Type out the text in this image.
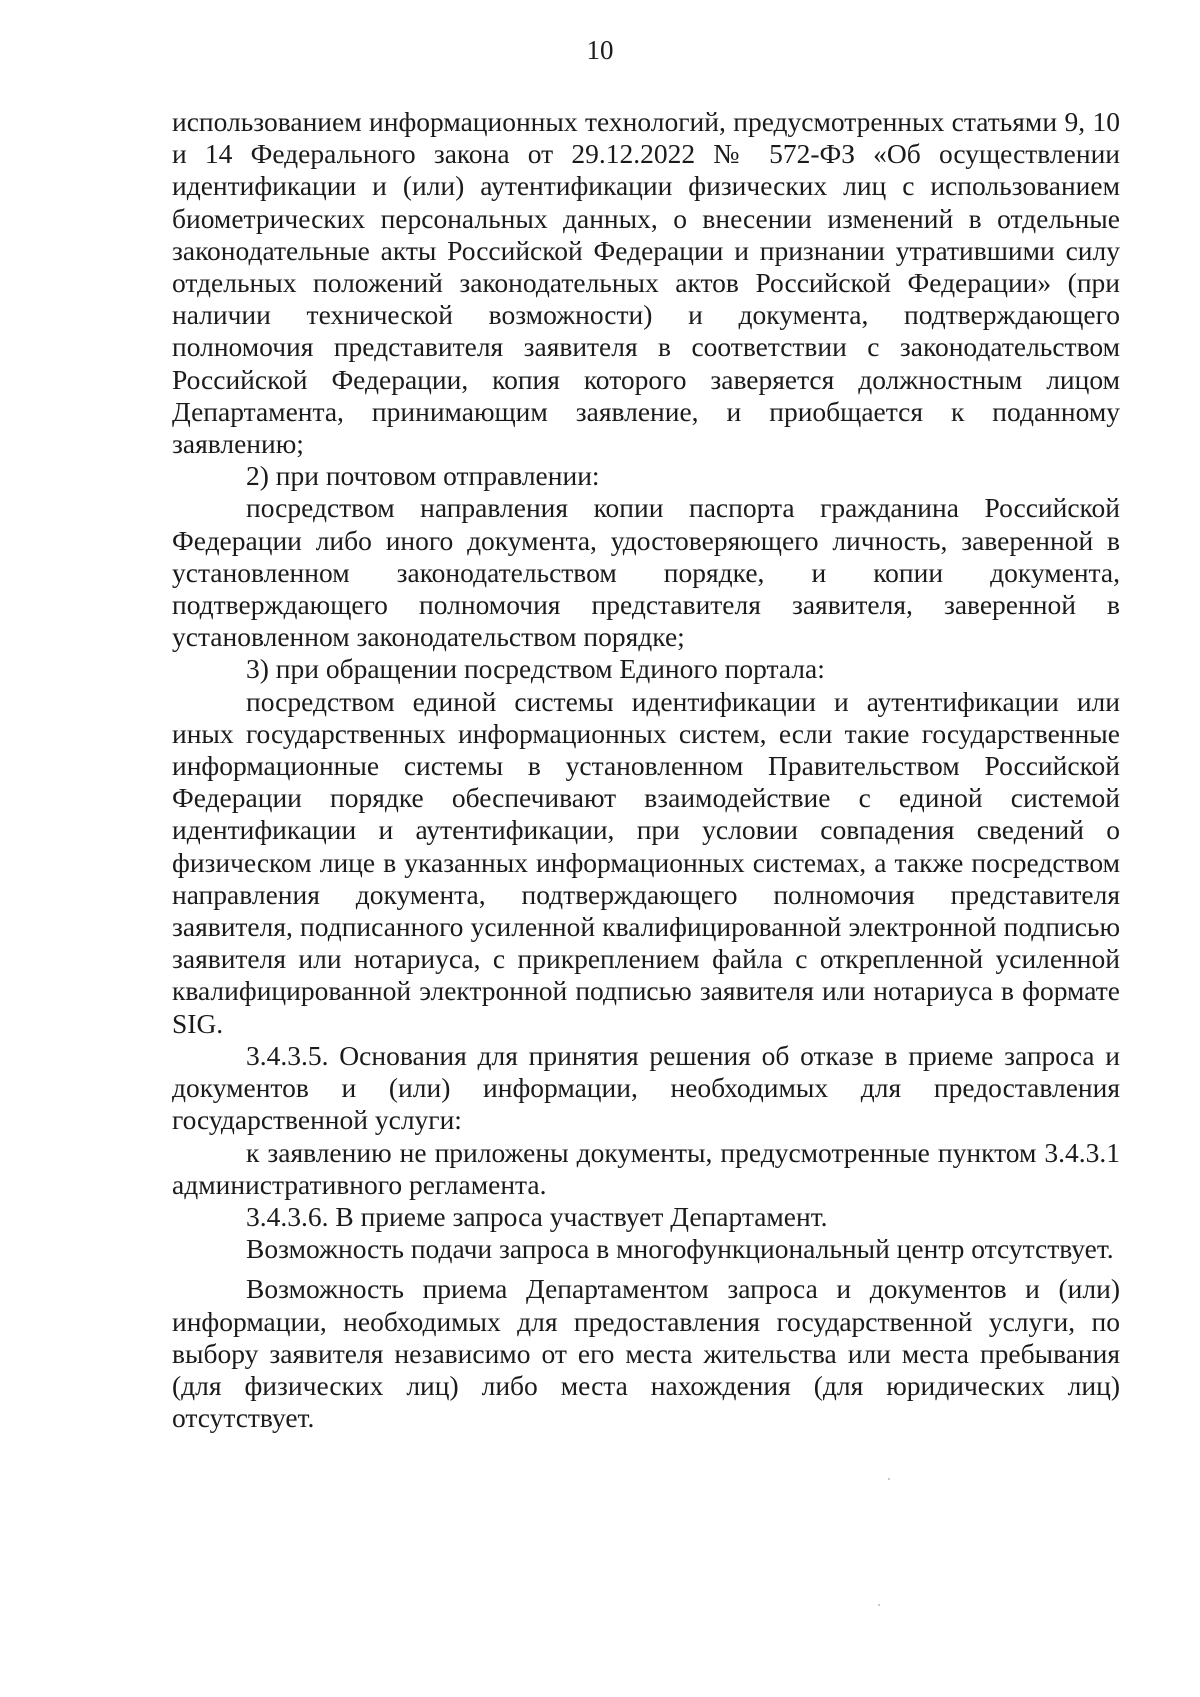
10

использованием информационных технологий, предусмотренных статьями 9, 10 и 14 Федерального закона от 29.12.2022 № 572-ФЗ «Об осуществлении идентификации и (или) аутентификации физических лиц с использованием биометрических персональных данных, о внесении изменений в отдельные законодательные акты Российской Федерации и признании утратившими силу отдельных положений законодательных актов Российской Федерации» (при наличии технической возможности) и документа, подтверждающего полномочия представителя заявителя в соответствии с законодательством Российской Федерации, копия которого заверяется должностным лицом Департамента, принимающим заявление, и приобщается к поданному заявлению;

2) при почтовом отправлении:

посредством направления копии паспорта гражданина Российской Федерации либо иного документа, удостоверяющего личность, заверенной в установленном законодательством порядке, и копии документа, подтверждающего полномочия представителя заявителя, заверенной в установленном законодательством порядке;

3) при обращении посредством Единого портала:

посредством единой системы идентификации и аутентификации или иных государственных информационных систем, если такие государственные информационные системы в установленном Правительством Российской Федерации порядке обеспечивают взаимодействие с единой системой идентификации и аутентификации, при условии совпадения сведений о физическом лице в указанных информационных системах, а также посредством направления документа, подтверждающего полномочия представителя заявителя, подписанного усиленной квалифицированной электронной подписью заявителя или нотариуса, с прикреплением файла с открепленной усиленной квалифицированной электронной подписью заявителя или нотариуса в формате SIG.

3.4.3.5. Основания для принятия решения об отказе в приеме запроса и документов и (или) информации, необходимых для предоставления государственной услуги:

к заявлению не приложены документы, предусмотренные пунктом 3.4.3.1 административного регламента.

3.4.3.6. В приеме запроса участвует Департамент.

Возможность подачи запроса в многофункциональный центр отсутствует.

Возможность приема Департаментом запроса и документов и (или) информации, необходимых для предоставления государственной услуги, по выбору заявителя независимо от его места жительства или места пребывания (для физических лиц) либо места нахождения (для юридических лиц) отсутствует.
